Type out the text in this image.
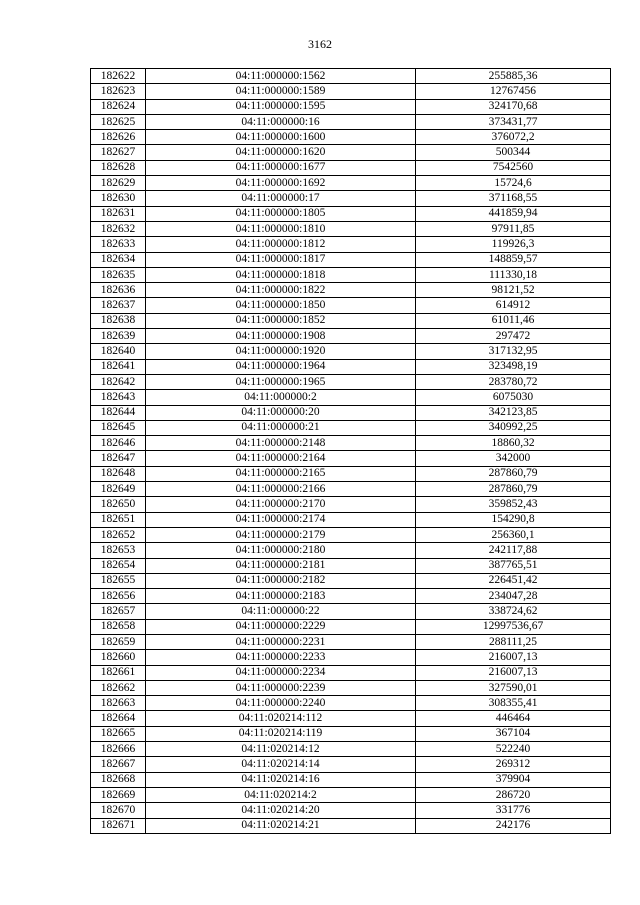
3162
182622	04:11:000000:1562	255885,36
182623	04:11:000000:1589	12767456
182624	04:11:000000:1595	324170,68
182625	04:11:000000:16	373431,77
182626	04:11:000000:1600	376072,2
182627	04:11:000000:1620	500344
182628	04:11:000000:1677	7542560
182629	04:11:000000:1692	15724,6
182630	04:11:000000:17	371168,55
182631	04:11:000000:1805	441859,94
182632	04:11:000000:1810	97911,85
182633	04:11:000000:1812	119926,3
182634	04:11:000000:1817	148859,57
182635	04:11:000000:1818	111330,18
182636	04:11:000000:1822	98121,52
182637	04:11:000000:1850	614912
182638	04:11:000000:1852	61011,46
182639	04:11:000000:1908	297472
182640	04:11:000000:1920	317132,95
182641	04:11:000000:1964	323498,19
182642	04:11:000000:1965	283780,72
182643	04:11:000000:2	6075030
182644	04:11:000000:20	342123,85
182645	04:11:000000:21	340992,25
182646	04:11:000000:2148	18860,32
182647	04:11:000000:2164	342000
182648	04:11:000000:2165	287860,79
182649	04:11:000000:2166	287860,79
182650	04:11:000000:2170	359852,43
182651	04:11:000000:2174	154290,8
182652	04:11:000000:2179	256360,1
182653	04:11:000000:2180	242117,88
182654	04:11:000000:2181	387765,51
182655	04:11:000000:2182	226451,42
182656	04:11:000000:2183	234047,28
182657	04:11:000000:22	338724,62
182658	04:11:000000:2229	12997536,67
182659	04:11:000000:2231	288111,25
182660	04:11:000000:2233	216007,13
182661	04:11:000000:2234	216007,13
182662	04:11:000000:2239	327590,01
182663	04:11:000000:2240	308355,41
182664	04:11:020214:112	446464
182665	04:11:020214:119	367104
182666	04:11:020214:12	522240
182667	04:11:020214:14	269312
182668	04:11:020214:16	379904
182669	04:11:020214:2	286720
182670	04:11:020214:20	331776
182671	04:11:020214:21	242176
